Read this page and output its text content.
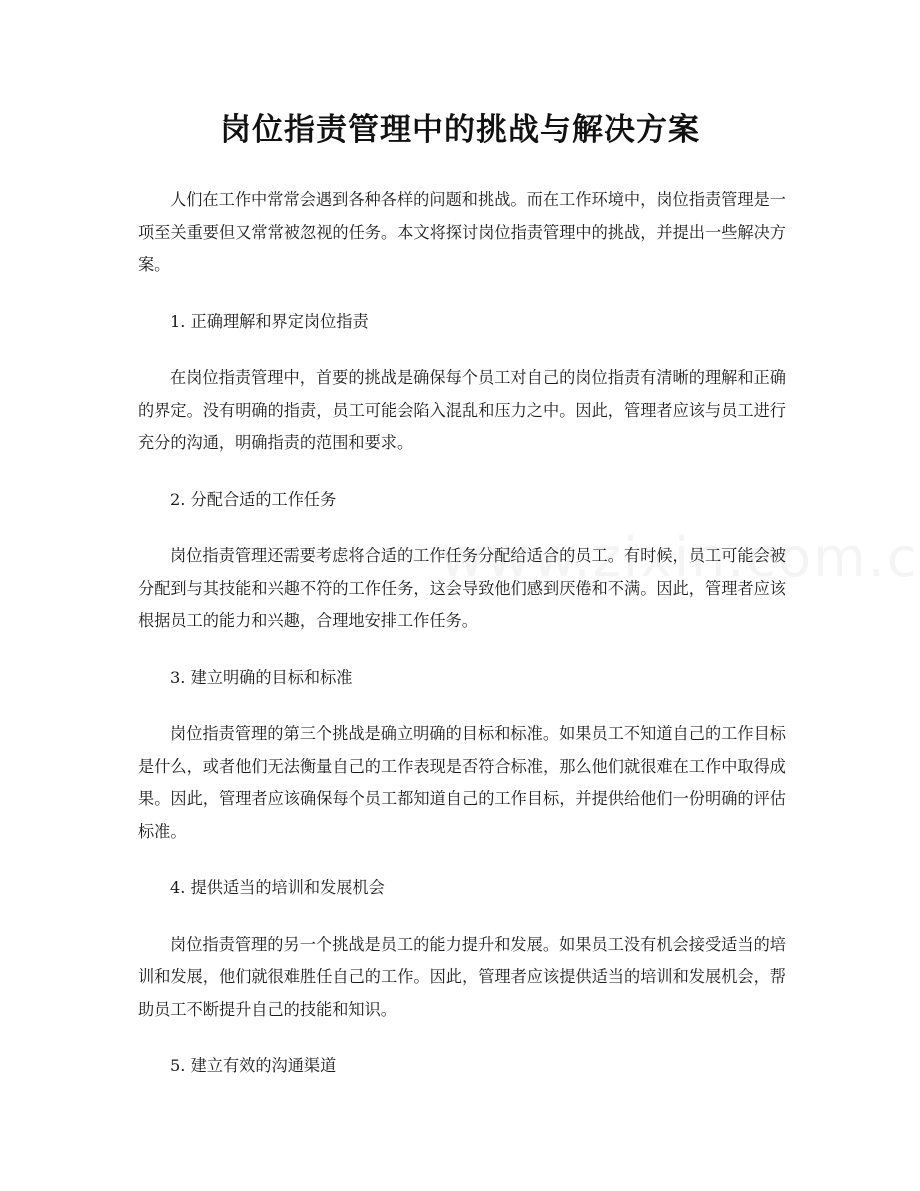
岗位指责管理中的挑战与解决方案

人们在工作中常常会遇到各种各样的问题和挑战。而在工作环境中，岗位指责管理是一项至关重要但又常常被忽视的任务。本文将探讨岗位指责管理中的挑战，并提出一些解决方案。

1. 正确理解和界定岗位指责

在岗位指责管理中，首要的挑战是确保每个员工对自己的岗位指责有清晰的理解和正确的界定。没有明确的指责，员工可能会陷入混乱和压力之中。因此，管理者应该与员工进行充分的沟通，明确指责的范围和要求。

2. 分配合适的工作任务

岗位指责管理还需要考虑将合适的工作任务分配给适合的员工。有时候，员工可能会被分配到与其技能和兴趣不符的工作任务，这会导致他们感到厌倦和不满。因此，管理者应该根据员工的能力和兴趣，合理地安排工作任务。

3. 建立明确的目标和标准

岗位指责管理的第三个挑战是确立明确的目标和标准。如果员工不知道自己的工作目标是什么，或者他们无法衡量自己的工作表现是否符合标准，那么他们就很难在工作中取得成果。因此，管理者应该确保每个员工都知道自己的工作目标，并提供给他们一份明确的评估标准。

4. 提供适当的培训和发展机会

岗位指责管理的另一个挑战是员工的能力提升和发展。如果员工没有机会接受适当的培训和发展，他们就很难胜任自己的工作。因此，管理者应该提供适当的培训和发展机会，帮助员工不断提升自己的技能和知识。

5. 建立有效的沟通渠道
